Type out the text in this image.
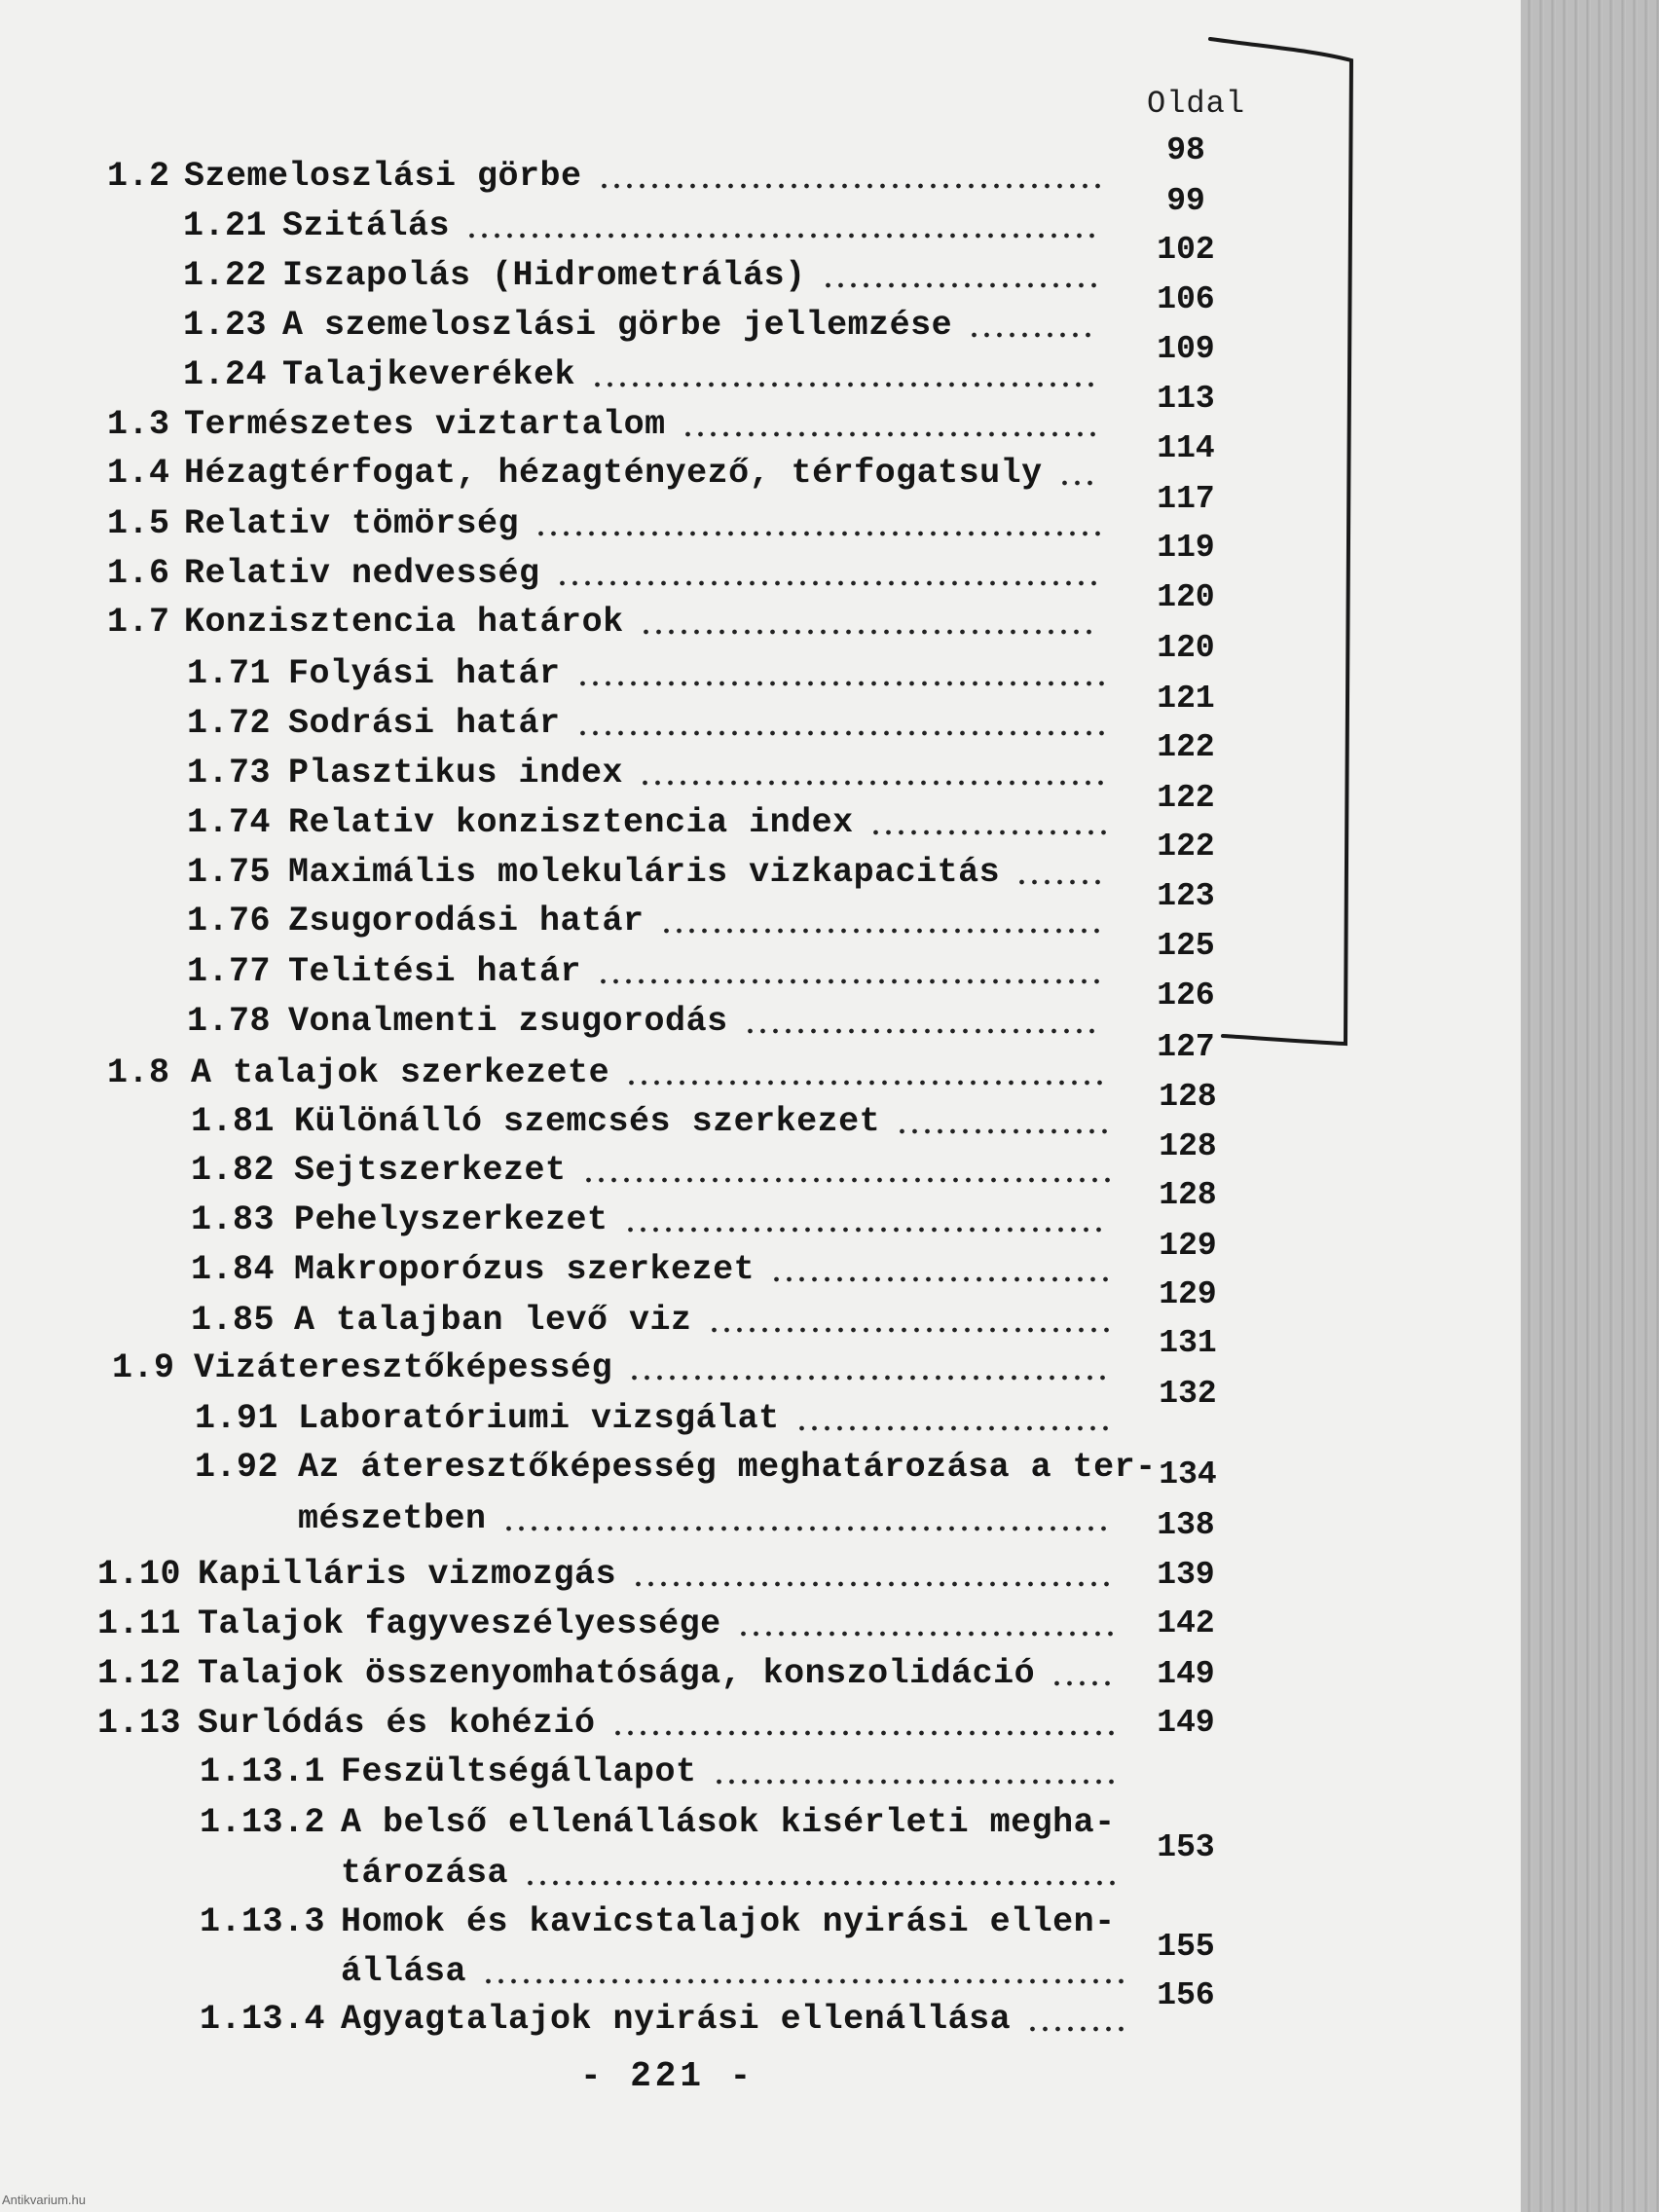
Oldal
1.2 Szemeloszlási görbe
1.21 Szitálás
1.22 Iszapolás (Hidrometrálás)
1.23 A szemeloszlási görbe jellemzése
1.24 Talajkeverékek
1.3 Természetes viztartalom
1.4 Hézagtérfogat, hézagtényező, térfogatsuly
1.5 Relativ tömörség
1.6 Relativ nedvesség
1.7 Konzisztencia határok
1.71 Folyási határ
1.72 Sodrási határ
1.73 Plasztikus index
1.74 Relativ konzisztencia index
1.75 Maximális molekuláris vizkapacitás
1.76 Zsugorodási határ
1.77 Telitési határ
1.78 Vonalmenti zsugorodás
1.8 A talajok szerkezete
1.81 Különálló szemcsés szerkezet
1.82 Sejtszerkezet
1.83 Pehelyszerkezet
1.84 Makroporózus szerkezet
1.85 A talajban levő viz
1.9 Vizáteresztőképesség
1.91 Laboratóriumi vizsgálat
1.92 Az áteresztőképesség meghatározása a ter-
mészetben
1.10 Kapilláris vizmozgás
1.11 Talajok fagyveszélyessége
1.12 Talajok összenyomhatósága, konszolidáció
1.13 Surlódás és kohézió
1.13.1 Feszültségállapot
1.13.2 A belső ellenállások kisérleti megha-
tározása
1.13.3 Homok és kavicstalajok nyirási ellen-
állása
1.13.4 Agyagtalajok nyirási ellenállása
98
99
102
106
109
113
114
117
119
120
120
121
122
122
122
123
125
126
127
128
128
128
129
129
131
132
134
138
139
142
149
149
153
155
156
- 221 -
Antikvarium.hu
